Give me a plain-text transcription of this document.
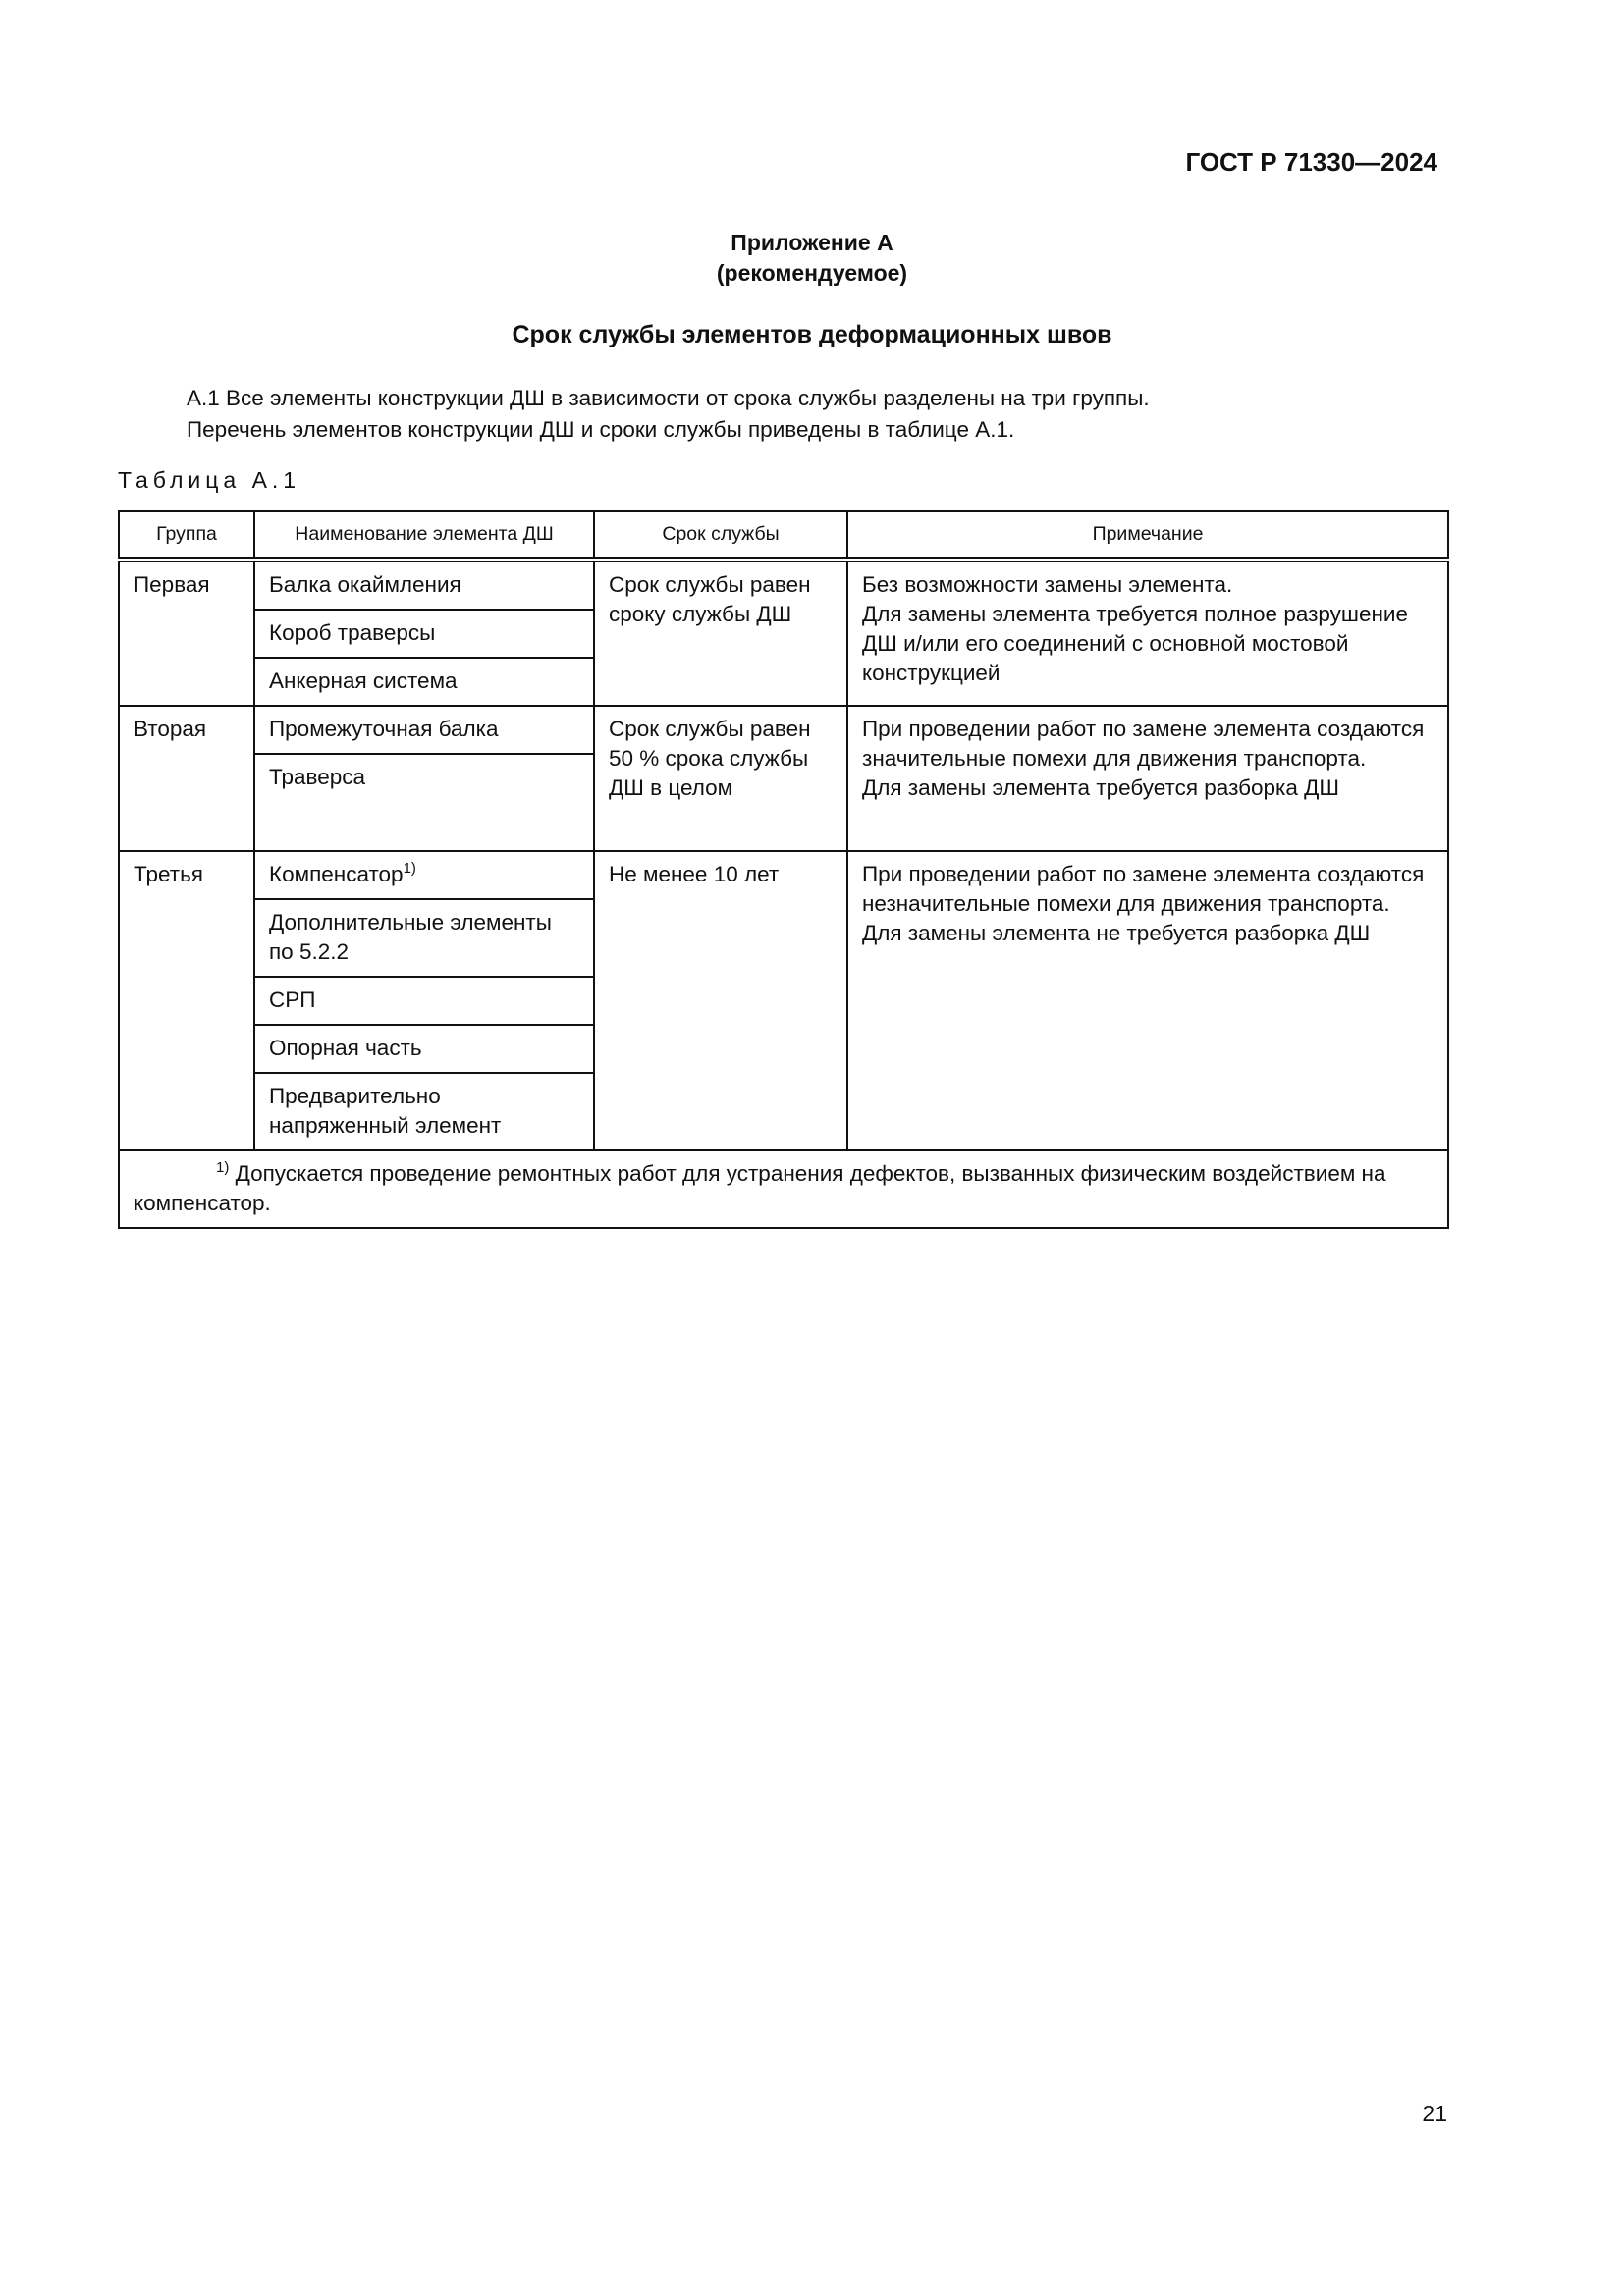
ГОСТ Р 71330—2024
Приложение А
(рекомендуемое)
Срок службы элементов деформационных швов

А.1 Все элементы конструкции ДШ в зависимости от срока службы разделены на три группы.

Перечень элементов конструкции ДШ и сроки службы приведены в таблице А.1.

Таблица А.1
Группа	Наименование элемента ДШ	Срок службы	Примечание
Первая	Балка окаймления	Срок службы равен сроку службы ДШ	Без возможности замены элемента.
Для замены элемента требуется полное разрушение ДШ и/или его соединений с основной мостовой конструкцией

	Короб траверсы		
	Анкерная система		
Вторая	Промежуточная балка	Срок службы равен 50 % срока службы ДШ в целом	При проведении работ по замене элемента создаются значительные помехи для движения транспорта.
Для замены элемента требуется разборка ДШ

	Траверса		
Третья	Компенсатор$^{1)}$	Не менее 10 лет	При проведении работ по замене элемента создаются незначительные помехи для движения транспорта.
Для замены элемента не требуется разборка ДШ

	Дополнительные элементы по 5.2.2		
	СРП		
	Опорная часть		
	Предварительно напряженный элемент		
$^{1)}$ Допускается проведение ремонтных работ для устранения дефектов, вызванных физическим воздействием на компенсатор.			
21
